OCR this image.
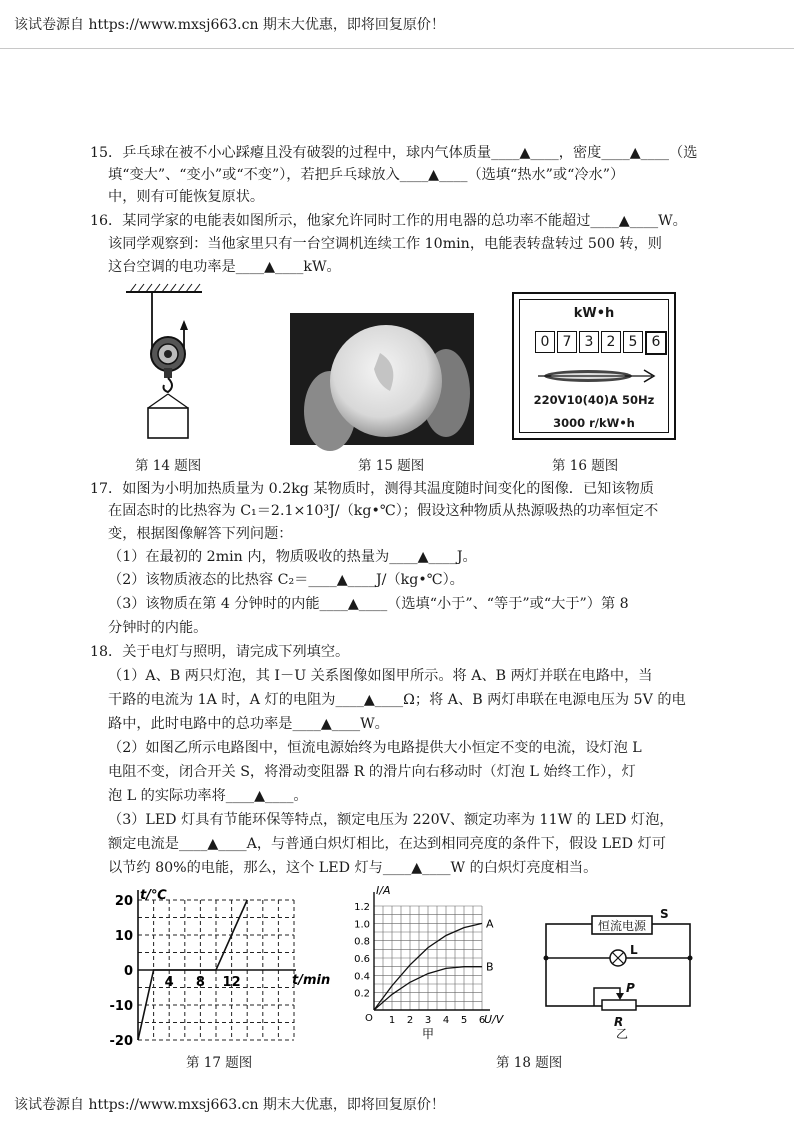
该试卷源自 https://www.mxsj663.cn 期末大优惠，即将回复原价！
15．乒乓球在被不小心踩瘪且没有破裂的过程中，球内气体质量____▲____，密度____▲____（选
填“变大”、“变小”或“不变”），若把乒乓球放入____▲____（选填“热水”或“冷水”）
中，则有可能恢复原状。
16．某同学家的电能表如图所示，他家允许同时工作的用电器的总功率不能超过____▲____W。
该同学观察到：当他家里只有一台空调机连续工作 10min，电能表转盘转过 500 转，则
这台空调的电功率是____▲____kW。
第 14 题图	第 15 题图
kW•h
0 7 3 2 5	6
220V10(40)A 50Hz
3000 r/kW•h
第 16 题图
17．如图为小明加热质量为 0.2kg 某物质时，测得其温度随时间变化的图像．已知该物质
在固态时的比热容为 C₁＝2.1×10³J/（kg•℃）；假设这种物质从热源吸热的功率恒定不
变，根据图像解答下列问题：
（1）在最初的 2min 内，物质吸收的热量为____▲____J。
（2）该物质液态的比热容 C₂＝____▲____J/（kg•℃）。
（3）该物质在第 4 分钟时的内能____▲____（选填“小于”、“等于”或“大于”）第 8
分钟时的内能。
18．关于电灯与照明，请完成下列填空。
（1）A、B 两只灯泡，其 I－U 关系图像如图甲所示。将 A、B 两灯并联在电路中，当
干路的电流为 1A 时，A 灯的电阻为____▲____Ω；将 A、B 两灯串联在电源电压为 5V 的电
路中，此时电路中的总功率是____▲____W。
（2）如图乙所示电路图中，恒流电源始终为电路提供大小恒定不变的电流，设灯泡 L
电阻不变，闭合开关 S，将滑动变阻器 R 的滑片向右移动时（灯泡 L 始终工作），灯
泡 L 的实际功率将____▲____。
（3）LED 灯具有节能环保等特点，额定电压为 220V、额定功率为 11W 的 LED 灯泡，
额定电流是____▲____A，与普通白炽灯相比，在达到相同亮度的条件下，假设 LED 灯可
以节约 80%的电能，那么，这个 LED 灯与____▲____W 的白炽灯亮度相当。
t/℃
t/min
20
10
0
-10
-20
4 8 12
第 17 题图
I/A
U/V
O
0.2
0.4
0.6
0.8
1.0
1.2
1 2 3 4 5 6
A
B
甲
恒流电源
S
L
P
R
乙
第 18 题图
该试卷源自 https://www.mxsj663.cn 期末大优惠，即将回复原价！
